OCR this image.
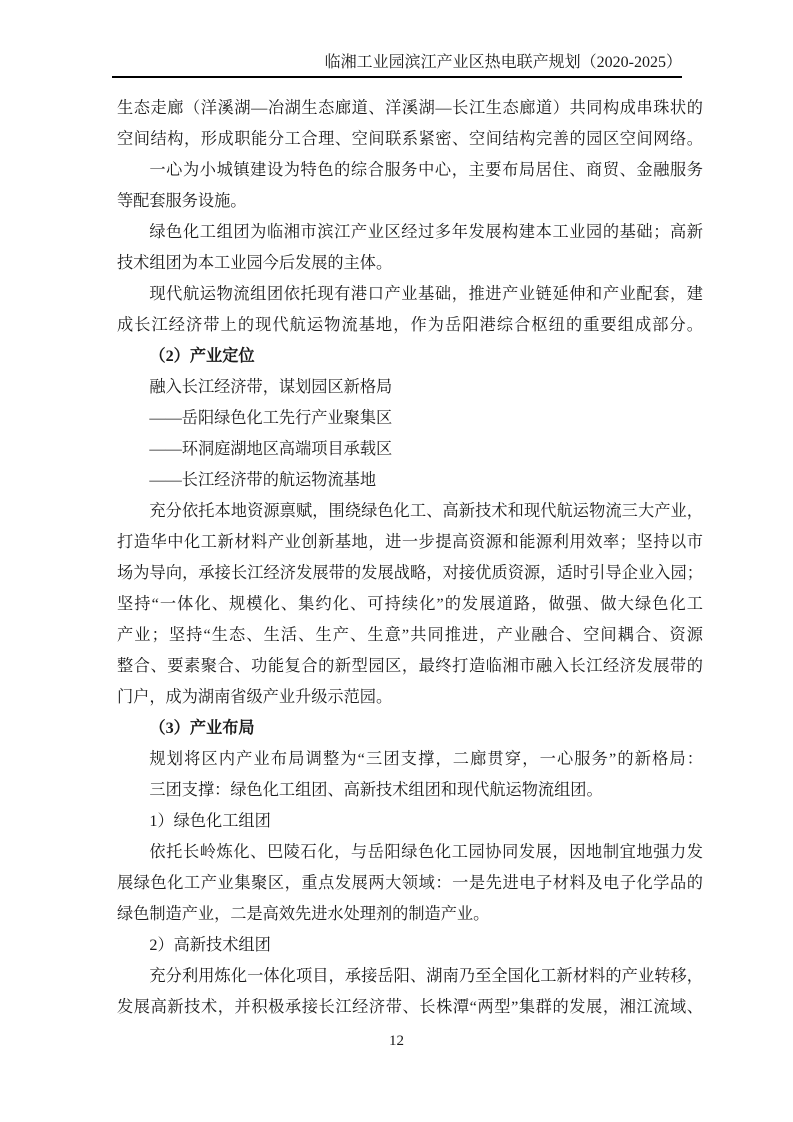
临湘工业园滨江产业区热电联产规划（2020-2025）
生态走廊（洋溪湖—冶湖生态廊道、洋溪湖—长江生态廊道）共同构成串珠状的
空间结构，形成职能分工合理、空间联系紧密、空间结构完善的园区空间网络。
一心为小城镇建设为特色的综合服务中心，主要布局居住、商贸、金融服务
等配套服务设施。
绿色化工组团为临湘市滨江产业区经过多年发展构建本工业园的基础；高新
技术组团为本工业园今后发展的主体。
现代航运物流组团依托现有港口产业基础，推进产业链延伸和产业配套，建
成长江经济带上的现代航运物流基地，作为岳阳港综合枢纽的重要组成部分。
（2）产业定位
融入长江经济带，谋划园区新格局
——岳阳绿色化工先行产业聚集区
——环洞庭湖地区高端项目承载区
——长江经济带的航运物流基地
充分依托本地资源禀赋，围绕绿色化工、高新技术和现代航运物流三大产业，
打造华中化工新材料产业创新基地，进一步提高资源和能源利用效率；坚持以市
场为导向，承接长江经济发展带的发展战略，对接优质资源，适时引导企业入园；
坚持“一体化、规模化、集约化、可持续化”的发展道路，做强、做大绿色化工
产业；坚持“生态、生活、生产、生意”共同推进，产业融合、空间耦合、资源
整合、要素聚合、功能复合的新型园区，最终打造临湘市融入长江经济发展带的
门户，成为湖南省级产业升级示范园。
（3）产业布局
规划将区内产业布局调整为“三团支撑，二廊贯穿，一心服务”的新格局：
三团支撑：绿色化工组团、高新技术组团和现代航运物流组团。
1）绿色化工组团
依托长岭炼化、巴陵石化，与岳阳绿色化工园协同发展，因地制宜地强力发
展绿色化工产业集聚区，重点发展两大领域：一是先进电子材料及电子化学品的
绿色制造产业，二是高效先进水处理剂的制造产业。
2）高新技术组团
充分利用炼化一体化项目，承接岳阳、湖南乃至全国化工新材料的产业转移，
发展高新技术，并积极承接长江经济带、长株潭“两型”集群的发展，湘江流域、
12
